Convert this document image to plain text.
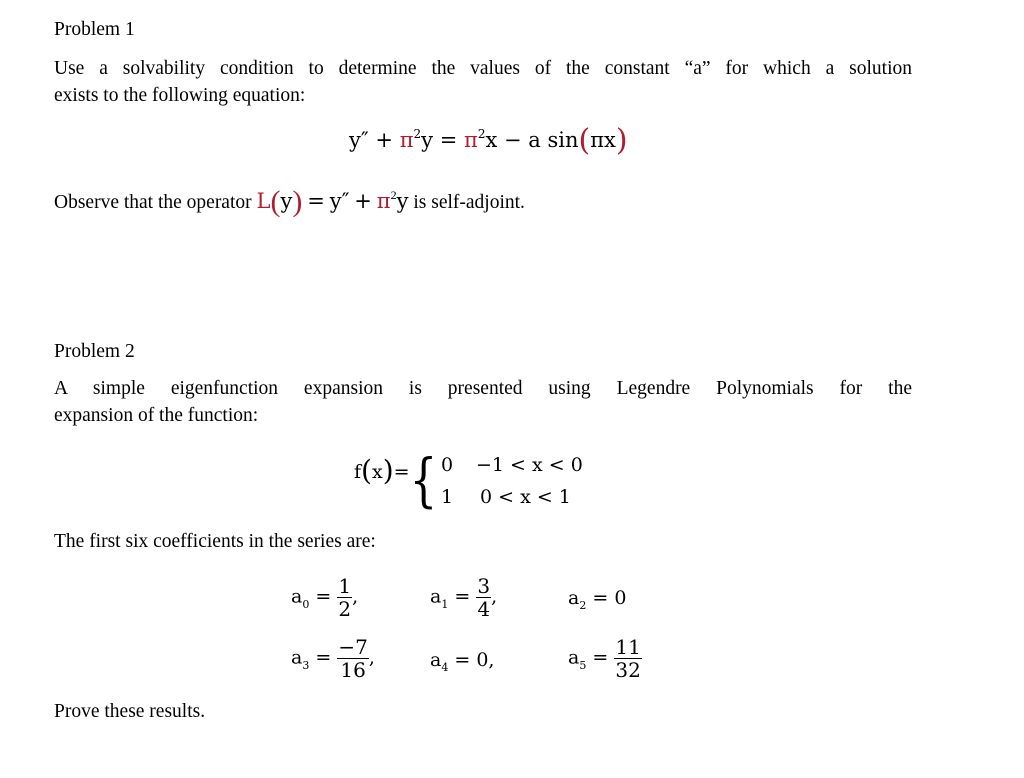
Problem 1
Use a solvability condition to determine the values of the constant “a” for which a solution
exists to the following equation:
$y'' + \pi^2y = \pi^2x - a$ sin(πx)
Observe that the operator $L(y) = y'' + \pi^2y$ is self-adjoint.
Problem 2
A simple eigenfunction expansion is presented using Legendre Polynomials for the
expansion of the function:
f(x)= { 0 −1 < x < 0
1 0 < x < 1
The first six coefficients in the series are:
$a_0 = \frac{1}{2}$ ,	$a_1 = \frac{3}{4}$ ,	$a_2 = 0$
$a_3 = \frac{-7}{16}$ ,	$a_4 = 0$,	$a_5 = \frac{11}{32}$
Prove these results.
